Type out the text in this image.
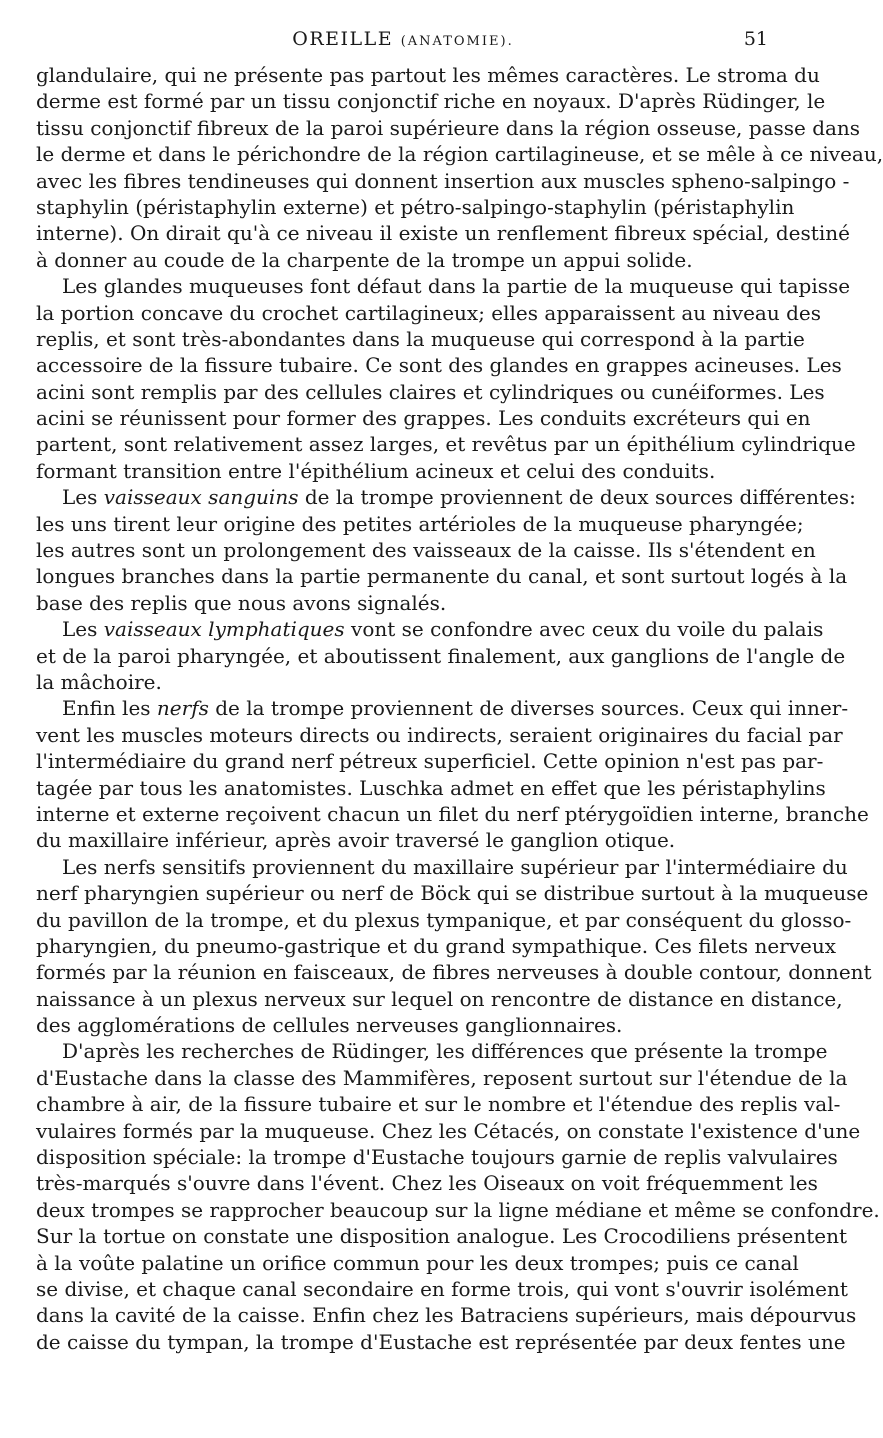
OREILLE (ANATOMIE).	51
glandulaire, qui ne présente pas partout les mêmes caractères. Le stroma du
derme est formé par un tissu conjonctif riche en noyaux. D'après Rüdinger, le
tissu conjonctif fibreux de la paroi supérieure dans la région osseuse, passe dans
le derme et dans le périchondre de la région cartilagineuse, et se mêle à ce niveau,
avec les fibres tendineuses qui donnent insertion aux muscles spheno-salpingo -
staphylin (péristaphylin externe) et pétro-salpingo-staphylin (péristaphylin
interne). On dirait qu'à ce niveau il existe un renflement fibreux spécial, destiné
à donner au coude de la charpente de la trompe un appui solide.
Les glandes muqueuses font défaut dans la partie de la muqueuse qui tapisse
la portion concave du crochet cartilagineux; elles apparaissent au niveau des
replis, et sont très-abondantes dans la muqueuse qui correspond à la partie
accessoire de la fissure tubaire. Ce sont des glandes en grappes acineuses. Les
acini sont remplis par des cellules claires et cylindriques ou cunéiformes. Les
acini se réunissent pour former des grappes. Les conduits excréteurs qui en
partent, sont relativement assez larges, et revêtus par un épithélium cylindrique
formant transition entre l'épithélium acineux et celui des conduits.
Les vaisseaux sanguins de la trompe proviennent de deux sources différentes:
les uns tirent leur origine des petites artérioles de la muqueuse pharyngée;
les autres sont un prolongement des vaisseaux de la caisse. Ils s'étendent en
longues branches dans la partie permanente du canal, et sont surtout logés à la
base des replis que nous avons signalés.
Les vaisseaux lymphatiques vont se confondre avec ceux du voile du palais
et de la paroi pharyngée, et aboutissent finalement, aux ganglions de l'angle de
la mâchoire.
Enfin les nerfs de la trompe proviennent de diverses sources. Ceux qui inner-
vent les muscles moteurs directs ou indirects, seraient originaires du facial par
l'intermédiaire du grand nerf pétreux superficiel. Cette opinion n'est pas par-
tagée par tous les anatomistes. Luschka admet en effet que les péristaphylins
interne et externe reçoivent chacun un filet du nerf ptérygoïdien interne, branche
du maxillaire inférieur, après avoir traversé le ganglion otique.
Les nerfs sensitifs proviennent du maxillaire supérieur par l'intermédiaire du
nerf pharyngien supérieur ou nerf de Böck qui se distribue surtout à la muqueuse
du pavillon de la trompe, et du plexus tympanique, et par conséquent du glosso-
pharyngien, du pneumo-gastrique et du grand sympathique. Ces filets nerveux
formés par la réunion en faisceaux, de fibres nerveuses à double contour, donnent
naissance à un plexus nerveux sur lequel on rencontre de distance en distance,
des agglomérations de cellules nerveuses ganglionnaires.
D'après les recherches de Rüdinger, les différences que présente la trompe
d'Eustache dans la classe des Mammifères, reposent surtout sur l'étendue de la
chambre à air, de la fissure tubaire et sur le nombre et l'étendue des replis val-
vulaires formés par la muqueuse. Chez les Cétacés, on constate l'existence d'une
disposition spéciale: la trompe d'Eustache toujours garnie de replis valvulaires
très-marqués s'ouvre dans l'évent. Chez les Oiseaux on voit fréquemment les
deux trompes se rapprocher beaucoup sur la ligne médiane et même se confondre.
Sur la tortue on constate une disposition analogue. Les Crocodiliens présentent
à la voûte palatine un orifice commun pour les deux trompes; puis ce canal
se divise, et chaque canal secondaire en forme trois, qui vont s'ouvrir isolément
dans la cavité de la caisse. Enfin chez les Batraciens supérieurs, mais dépourvus
de caisse du tympan, la trompe d'Eustache est représentée par deux fentes une
